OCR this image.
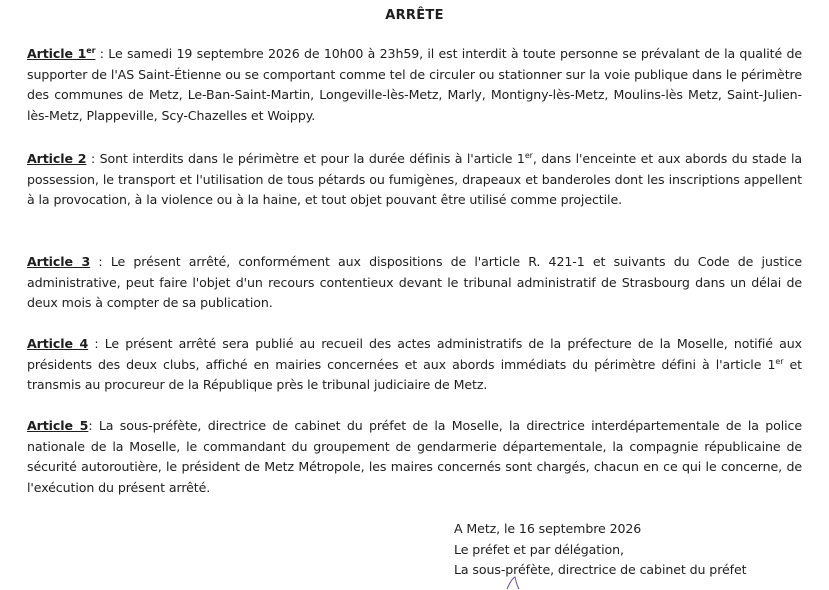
ARRÊTE
Article 1er : Le samedi 19 septembre 2026 de 10h00 à 23h59, il est interdit à toute personne se prévalant de la qualité de supporter de l'AS Saint-Étienne ou se comportant comme tel de circuler ou stationner sur la voie publique dans le périmètre des communes de Metz, Le-Ban-Saint-Martin, Longeville-lès-Metz, Marly, Montigny-lès-Metz, Moulins-lès Metz, Saint-Julien-lès-Metz, Plappeville, Scy-Chazelles et Woippy.
Article 2 : Sont interdits dans le périmètre et pour la durée définis à l'article 1er, dans l'enceinte et aux abords du stade la possession, le transport et l'utilisation de tous pétards ou fumigènes, drapeaux et banderoles dont les inscriptions appellent à la provocation, à la violence ou à la haine, et tout objet pouvant être utilisé comme projectile.
Article 3 : Le présent arrêté, conformément aux dispositions de l'article R. 421-1 et suivants du Code de justice administrative, peut faire l'objet d'un recours contentieux devant le tribunal administratif de Strasbourg dans un délai de deux mois à compter de sa publication.
Article 4 : Le présent arrêté sera publié au recueil des actes administratifs de la préfecture de la Moselle, notifié aux présidents des deux clubs, affiché en mairies concernées et aux abords immédiats du périmètre défini à l'article 1er et transmis au procureur de la République près le tribunal judiciaire de Metz.
Article 5: La sous-préfète, directrice de cabinet du préfet de la Moselle, la directrice interdépartementale de la police nationale de la Moselle, le commandant du groupement de gendarmerie départementale, la compagnie républicaine de sécurité autoroutière, le président de Metz Métropole, les maires concernés sont chargés, chacun en ce qui le concerne, de l'exécution du présent arrêté.
A Metz, le 16 septembre 2026
Le préfet et par délégation,
La sous-préfète, directrice de cabinet du préfet
